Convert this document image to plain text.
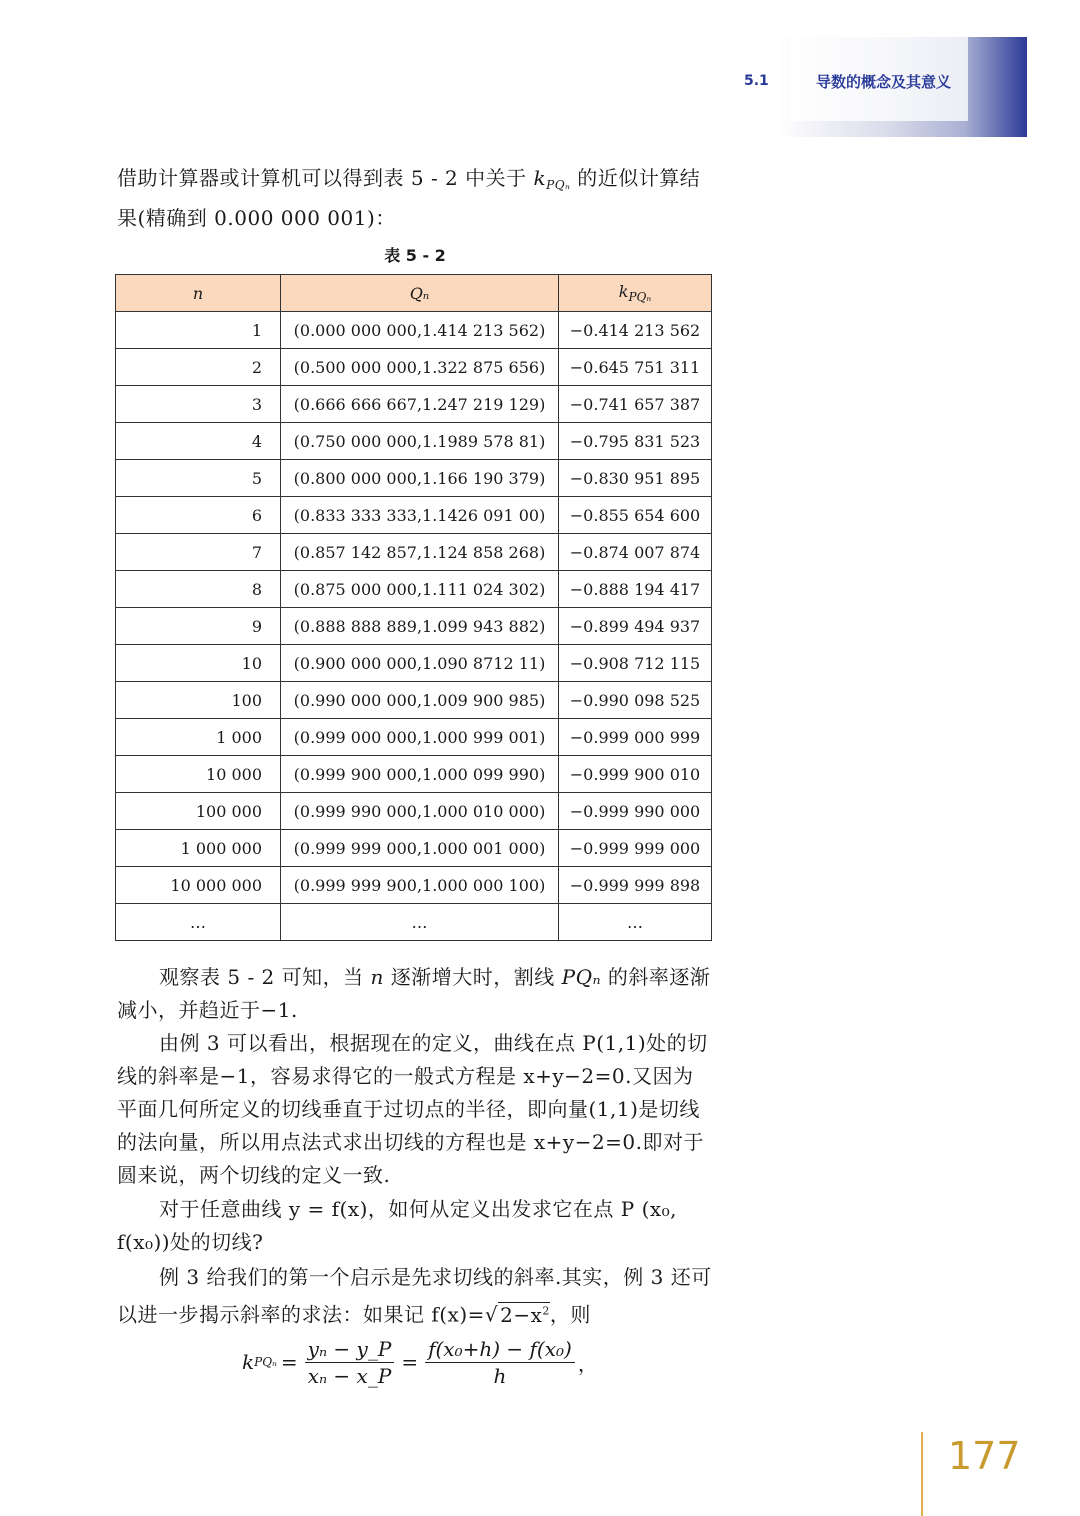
5.1	导数的概念及其意义

借助计算器或计算机可以得到表 5 - 2 中关于 $k_{PQ_n}$ 的近似计算结果(精确到 0.000 000 001)：

表 5 - 2
n	Qₙ	$k_{PQ_n}$
1	(0.000 000 000,1.414 213 562)	−0.414 213 562
2	(0.500 000 000,1.322 875 656)	−0.645 751 311
3	(0.666 666 667,1.247 219 129)	−0.741 657 387
4	(0.750 000 000,1.1989 578 81)	−0.795 831 523
5	(0.800 000 000,1.166 190 379)	−0.830 951 895
6	(0.833 333 333,1.1426 091 00)	−0.855 654 600
7	(0.857 142 857,1.124 858 268)	−0.874 007 874
8	(0.875 000 000,1.111 024 302)	−0.888 194 417
9	(0.888 888 889,1.099 943 882)	−0.899 494 937
10	(0.900 000 000,1.090 8712 11)	−0.908 712 115
100	(0.990 000 000,1.009 900 985)	−0.990 098 525
1 000	(0.999 000 000,1.000 999 001)	−0.999 000 999
10 000	(0.999 900 000,1.000 099 990)	−0.999 900 010
100 000	(0.999 990 000,1.000 010 000)	−0.999 990 000
1 000 000	(0.999 999 000,1.000 001 000)	−0.999 999 000
10 000 000	(0.999 999 900,1.000 000 100)	−0.999 999 898
…	…	…

观察表 5 - 2 可知，当 n 逐渐增大时，割线 PQₙ 的斜率逐渐减小，并趋近于−1.

由例 3 可以看出，根据现在的定义，曲线在点 P(1,1)处的切线的斜率是−1，容易求得它的一般式方程是 x+y−2=0.又因为平面几何所定义的切线垂直于过切点的半径，即向量(1,1)是切线的法向量，所以用点法式求出切线的方程也是 x+y−2=0.即对于圆来说，两个切线的定义一致.

对于任意曲线 y = f(x)，如何从定义出发求它在点 P (x₀, f(x₀))处的切线?

例 3 给我们的第一个启示是先求切线的斜率.其实，例 3 还可以进一步揭示斜率的求法：如果记 f(x)=√ $2-x^2$，则

k $PQ_n = \frac{\text{yₙ − y\_P}}{\text{xₙ − x\_P}} = \frac{\text{f(x₀+h) − f(x₀)}}{h}$ ，
177
